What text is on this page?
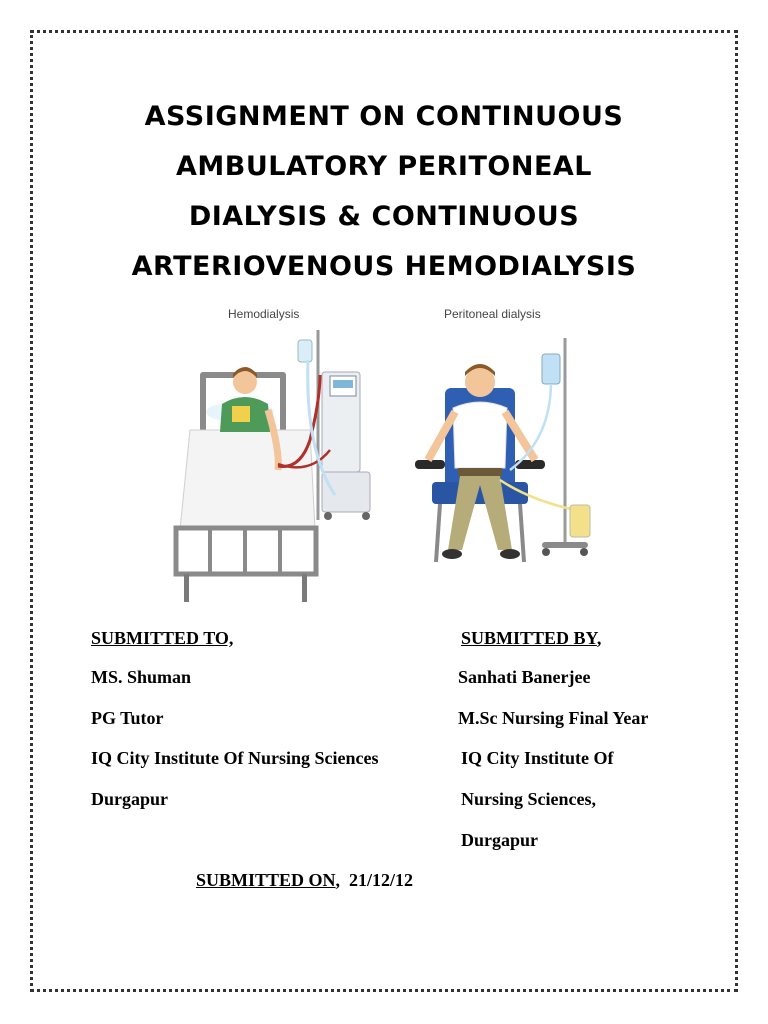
ASSIGNMENT ON CONTINUOUS
AMBULATORY PERITONEAL
DIALYSIS & CONTINUOUS
ARTERIOVENOUS HEMODIALYSIS
Hemodialysis	Peritoneal dialysis
SUBMITTED TO,
MS. Shuman
PG Tutor
IQ City Institute Of Nursing Sciences
Durgapur
SUBMITTED BY,
Sanhati Banerjee
M.Sc Nursing Final Year
IQ City Institute Of
Nursing Sciences,
Durgapur
SUBMITTED ON,  21/12/12
